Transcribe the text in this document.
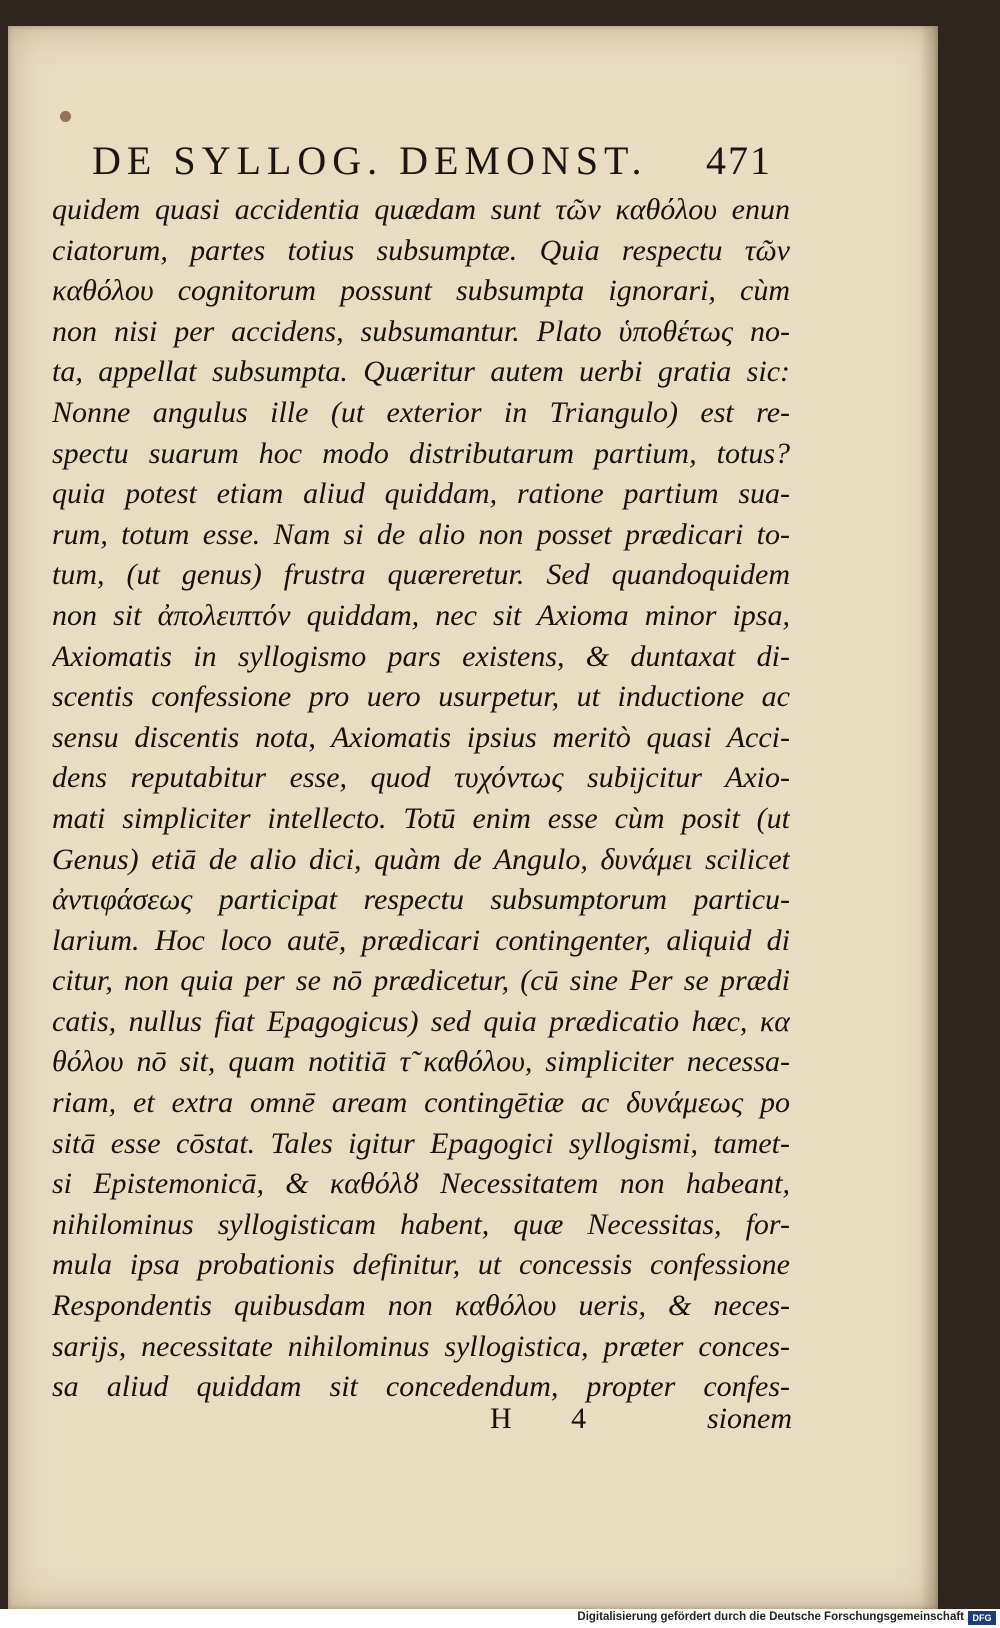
DE SYLLOG. DEMONST. 471
quidem quasi accidentia quædam sunt τῶν καθόλου enun
ciatorum, partes totius subsumptæ. Quia respectu τῶν
καθόλου cognitorum possunt subsumpta ignorari, cùm
non nisi per accidens, subsumantur. Plato ὑποθέτως no-
ta, appellat subsumpta. Quæritur autem uerbi gratia sic:
Nonne angulus ille (ut exterior in Triangulo) est re-
spectu suarum hoc modo distributarum partium, totus?
quia potest etiam aliud quiddam, ratione partium sua-
rum, totum esse. Nam si de alio non posset prædicari to-
tum, (ut genus) frustra quæreretur. Sed quandoquidem
non sit ἀπολειπτόν quiddam, nec sit Axioma minor ipsa,
Axiomatis in syllogismo pars existens, & duntaxat di-
scentis confessione pro uero usurpetur, ut inductione ac
sensu discentis nota, Axiomatis ipsius meritò quasi Acci-
dens reputabitur esse, quod τυχόντως subijcitur Axio-
mati simpliciter intellecto. Totū enim esse cùm posit (ut
Genus) etiā de alio dici, quàm de Angulo, δυνάμει scilicet
ἀντιφάσεως participat respectu subsumptorum particu-
larium. Hoc loco autē, prædicari contingenter, aliquid di
citur, non quia per se nō prædicetur, (cū sine Per se prædi
catis, nullus fiat Epagogicus) sed quia prædicatio hæc, κα
θόλου nō sit, quam notitiā τ̃ καθόλου, simpliciter necessa-
riam, et extra omnē aream contingētiæ ac δυνάμεως po
sitā esse cōstat. Tales igitur Epagogici syllogismi, tamet-
si Epistemonicā, & καθόλȣ Necessitatem non habeant,
nihilominus syllogisticam habent, quæ Necessitas, for-
mula ipsa probationis definitur, ut concessis confessione
Respondentis quibusdam non καθόλου ueris, & neces-
sarijs, necessitate nihilominus syllogistica, præter conces-
sa aliud quiddam sit concedendum, propter confes-
H 4	sionem
Digitalisierung gefördert durch die Deutsche Forschungsgemeinschaft DFG
